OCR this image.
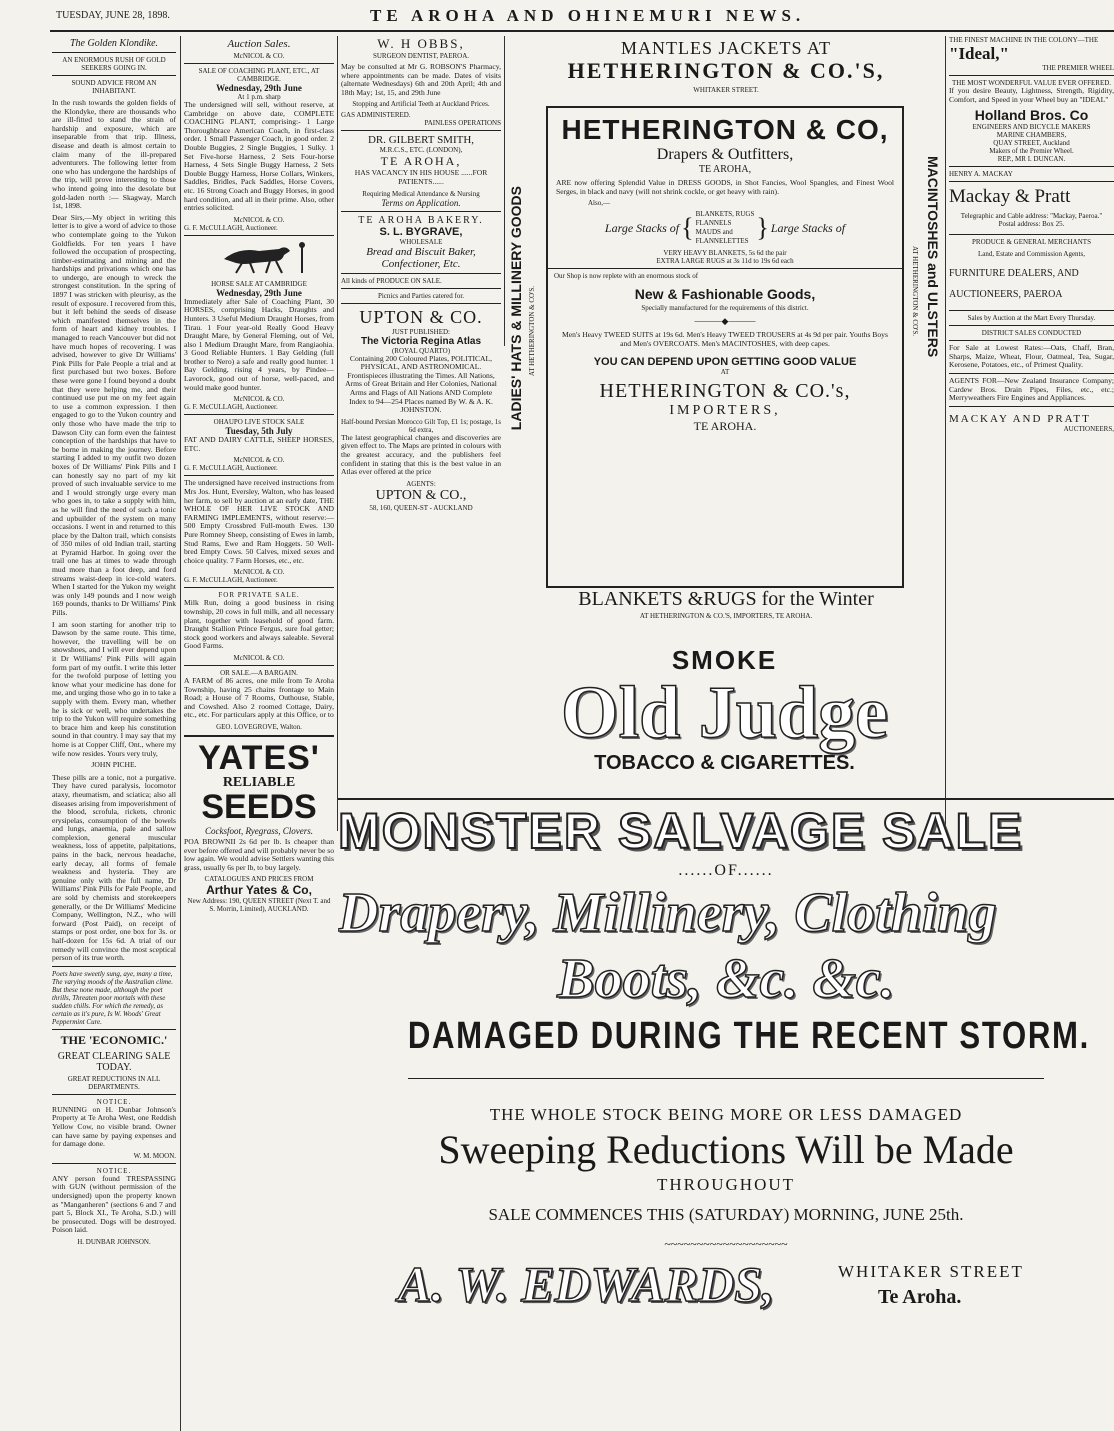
TUESDAY, JUNE 28, 1898.	TE AROHA AND OHINEMURI NEWS.
The Golden Klondike.
AN ENORMOUS RUSH OF GOLD SEEKERS GOING IN.
SOUND ADVICE FROM AN INHABITANT.
In the rush towards the golden fields of the Klondyke, there are thousands who are ill-fitted to stand the strain of hardship and exposure, which are inseparable from that trip. Illness, disease and death is almost certain to claim many of the ill-prepared adventurers. The following letter from one who has undergone the hardships of the trip, will prove interesting to those who intend going into the desolate but gold-laden north :— Skagway, March 1st, 1898.
Dear Sirs,—My object in writing this letter is to give a word of advice to those who contemplate going to the Yukon Goldfields. For ten years I have followed the occupation of prospecting, timber-estimating and mining and the hardships and privations which one has to undergo, are enough to wreck the strongest constitution. In the spring of 1897 I was stricken with pleurisy, as the result of exposure. I recovered from this, but it left behind the seeds of disease which manifested themselves in the form of heart and kidney troubles. I managed to reach Vancouver but did not have much hopes of recovering. I was advised, however to give Dr Williams' Pink Pills for Pale People a trial and at first purchased but two boxes. Before these were gone I found beyond a doubt that they were helping me, and their continued use put me on my feet again to use a common expression. I then engaged to go to the Yukon country and only those who have made the trip to Dawson City can form even the faintest conception of the hardships that have to be borne in making the journey. Before starting I added to my outfit two dozen boxes of Dr Williams' Pink Pills and I can honestly say no part of my kit proved of such invaluable service to me and I would strongly urge every man who goes in, to take a supply with him, as he will find the need of such a tonic and upbuilder of the system on many occasions. I went in and returned to this place by the Dalton trail, which consists of 350 miles of old Indian trail, starting at Pyramid Harbor. In going over the trail one has at times to wade through mud more than a foot deep, and ford streams waist-deep in ice-cold waters. When I started for the Yukon my weight was only 149 pounds and I now weigh 169 pounds, thanks to Dr Williams' Pink Pills.
I am soon starting for another trip to Dawson by the same route. This time, however, the travelling will be on snowshoes, and I will ever depend upon it Dr Williams' Pink Pills will again form part of my outfit. I write this letter for the twofold purpose of letting you know what your medicine has done for me, and urging those who go in to take a supply with them. Every man, whether he is sick or well, who undertakes the trip to the Yukon will require something to brace him and keep his constitution sound in that country. I may say that my home is at Copper Cliff, Ont., where my wife now resides. Yours very truly,
JOHN PICHE.
These pills are a tonic, not a purgative. They have cured paralysis, locomotor ataxy, rheumatism, and sciatica; also all diseases arising from impoverishment of the blood, scrofula, rickets, chronic erysipelas, consumption of the bowels and lungs, anaemia, pale and sallow complexion, general muscular weakness, loss of appetite, palpitations, pains in the back, nervous headache, early decay, all forms of female weakness and hysteria. They are genuine only with the full name, Dr Williams' Pink Pills for Pale People, and are sold by chemists and storekeepers generally, or the Dr Williams' Medicine Company, Wellington, N.Z., who will forward (Post Paid), on receipt of stamps or post order, one box for 3s. or half-dozen for 15s 6d. A trial of our remedy will convince the most sceptical person of its true worth.
Poets have sweetly sung, aye, many a time, The varying moods of the Australian clime. But these none made, although the poet thrills, Threaten poor mortals with these sudden chills. For which the remedy, as certain as it's pure, Is W. Woods' Great Peppermint Cure.
THE 'ECONOMIC.'
GREAT CLEARING SALE TODAY.
GREAT REDUCTIONS IN ALL DEPARTMENTS.
NOTICE.
RUNNING on H. Dunbar Johnson's Property at Te Aroha West, one Reddish Yellow Cow, no visible brand. Owner can have same by paying expenses and for damage done.
W. M. MOON.
NOTICE.
ANY person found TRESPASSING with GUN (without permission of the undersigned) upon the property known as "Manganheren" (sections 6 and 7 and part 5, Block XI., Te Aroha, S.D.) will be prosecuted. Dogs will be destroyed. Poison laid.
H. DUNBAR JOHNSON.
Auction Sales.
McNICOL & CO.
SALE OF COACHING PLANT, ETC., AT CAMBRIDGE.
Wednesday, 29th June
At 1 p.m. sharp
The undersigned will sell, without reserve, at Cambridge on above date, COMPLETE COACHING PLANT, comprising:- 1 Large Thoroughbrace American Coach, in first-class order. 1 Small Passenger Coach, in good order. 2 Double Buggies, 2 Single Buggies, 1 Sulky. 1 Set Five-horse Harness, 2 Sets Four-horse Harness, 4 Sets Single Buggy Harness, 2 Sets Double Buggy Harness, Horse Collars, Winkers, Saddles, Bridles, Pack Saddles, Horse Covers, etc. 16 Strong Coach and Buggy Horses, in good hard condition, and all in their prime. Also, other entries solicited.
McNICOL & CO.
G. F. McCULLAGH, Auctioneer.
HORSE SALE AT CAMBRIDGE
Wednesday, 29th June
Immediately after Sale of Coaching Plant, 30 HORSES, comprising Hacks, Draughts and Hunters. 3 Useful Medium Draught Horses, from Tirau. 1 Four year-old Really Good Heavy Draught Mare, by General Fleming, out of Vel, also 1 Medium Draught Mare, from Rangiaohia. 3 Good Reliable Hunters. 1 Bay Gelding (full brother to Nero) a safe and really good hunter. 1 Bay Gelding, rising 4 years, by Pindee—Lavorock, good out of horse, well-paced, and would make good hunter.
McNICOL & CO.
G. F. McCULLAGH, Auctioneer.
OHAUPO LIVE STOCK SALE
Tuesday, 5th July
FAT AND DAIRY CATTLE, SHEEP HORSES, ETC.
McNICOL & CO.
G. F. McCULLAGH, Auctioneer.
The undersigned have received instructions from Mrs Jos. Hunt, Eversley, Walton, who has leased her farm, to sell by auction at an early date, THE WHOLE OF HER LIVE STOCK AND FARMING IMPLEMENTS, without reserve:— 500 Empty Crossbred Full-mouth Ewes. 130 Pure Romney Sheep, consisting of Ewes in lamb, Stud Rams, Ewe and Ram Hoggets. 50 Well-bred Empty Cows. 50 Calves, mixed sexes and choice quality. 7 Farm Horses, etc., etc.
McNICOL & CO.
G. F. McCULLAGH, Auctioneer.
FOR PRIVATE SALE.
Milk Run, doing a good business in rising township, 20 cows in full milk, and all necessary plant, together with leasehold of good farm. Draught Stallion Prince Fergus, sure foal getter; stock good workers and always saleable. Several Good Farms.
McNICOL & CO.
OR SALE.—A BARGAIN.
A FARM of 86 acres, one mile from Te Aroha Township, having 25 chains frontage to Main Road; a House of 7 Rooms, Outhouse, Stable, and Cowshed. Also 2 roomed Cottage, Dairy, etc., etc. For particulars apply at this Office, or to
GEO. LOVEGROVE, Walton.
YATES'
RELIABLE
SEEDS
Cocksfoot, Ryegrass, Clovers.
POA BROWNII 2s 6d per lb. Is cheaper than ever before offered and will probably never be so low again. We would advise Settlers wanting this grass, usually 6s per lb, to buy largely.
CATALOGUES AND PRICES FROM
Arthur Yates & Co,
New Address: 190, QUEEN STREET (Next T. and S. Morrin, Limited), AUCKLAND.
W. H OBBS,
SURGEON DENTIST, PAEROA.
May be consulted at Mr G. ROBSON'S Pharmacy, where appointments can be made. Dates of visits (alternate Wednesdays) 6th and 20th April; 4th and 18th May; 1st, 15, and 29th June
Stopping and Artificial Teeth at Auckland Prices.
GAS ADMINISTERED.
PAINLESS OPERATIONS
DR. GILBERT SMITH,
M.R.C.S., ETC. (LONDON),
TE AROHA,
HAS VACANCY IN HIS HOUSE ......FOR PATIENTS......
Requiring Medical Attendance & Nursing
Terms on Application.
TE AROHA BAKERY.
S. L. BYGRAVE,
WHOLESALE
Bread and Biscuit Baker, Confectioner, Etc.
All kinds of PRODUCE ON SALE.
Picnics and Parties catered for.
UPTON & CO.
JUST PUBLISHED:
The Victoria Regina Atlas
(ROYAL QUARTO)
Containing 200 Coloured Plates, POLITICAL, PHYSICAL, AND ASTRONOMICAL. Frontispieces illustrating the Times. All Nations, Arms of Great Britain and Her Colonies, National Arms and Flags of All Nations AND Complete Index to 94—254 Places named By W. & A. K. JOHNSTON.
Half-bound Persian Morocco Gilt Top, £1 1s; postage, 1s 6d extra,
The latest geographical changes and discoveries are given effect to. The Maps are printed in colours with the greatest accuracy, and the publishers feel confident in stating that this is the best value in an Atlas ever offered at the price
AGENTS:
UPTON & CO.,
58, 160, QUEEN-ST - AUCKLAND
LADIES' HATS & MILLINERY GOODS AT HETHERINGTON & CO'S.	MACINTOSHES and ULSTERS
AT HETHERINGTON & CO'S.
MANTLES JACKETS AT
HETHERINGTON & CO.'S,
WHITAKER STREET.
HETHERINGTON & CO,
Drapers & Outfitters,
TE AROHA,
ARE now offering Splendid Value in DRESS GOODS, in Shot Fancies, Wool Spangles, and Finest Wool Serges, in black and navy (will not shrink cockle, or get heavy with rain).
Also,—
Large Stacks of { BLANKETS, RUGS
FLANNELS
MAUDS and
FLANNELETTES } Large Stacks of
VERY HEAVY BLANKETS, 5s 6d the pair
EXTRA LARGE RUGS at 3s 11d to 19s 6d each
Our Shop is now replete with an enormous stock of
New & Fashionable Goods,
Specially manufactured for the requirements of this district.
———◆———
Men's Heavy TWEED SUITS at 19s 6d. Men's Heavy TWEED TROUSERS at 4s 9d per pair. Youths Boys and Men's OVERCOATS. Men's MACINTOSHES, with deep capes.
YOU CAN DEPEND UPON GETTING GOOD VALUE
AT
HETHERINGTON & CO.'s,
IMPORTERS,
TE AROHA.
BLANKETS &RUGS for the Winter
AT HETHERINGTON & CO.'S, IMPORTERS, TE AROHA.
SMOKE
Old Judge
TOBACCO & CIGARETTES.
THE FINEST MACHINE IN THE COLONY—THE
"Ideal,"
THE PREMIER WHEEL
THE MOST WONDERFUL VALUE EVER OFFERED.
If you desire Beauty, Lightness, Strength, Rigidity, Comfort, and Speed in your Wheel buy an "IDEAL"
Holland Bros. Co
ENGINEERS AND BICYCLE MAKERS
MARINE CHAMBERS,
QUAY STREET, Auckland
Makers of the Premier Wheel.
REP., MR I. DUNCAN.
HENRY A. MACKAY
Mackay & Pratt
Telegraphic and Cable address: "Mackay, Paeroa."
Postal address: Box 25.
PRODUCE & GENERAL MERCHANTS
Land, Estate and Commission Agents,
FURNITURE DEALERS, AND
AUCTIONEERS, PAEROA
Sales by Auction at the Mart Every Thursday.
DISTRICT SALES CONDUCTED
For Sale at Lowest Rates:—Oats, Chaff, Bran, Sharps, Maize, Wheat, Flour, Oatmeal, Tea, Sugar, Kerosene, Potatoes, etc., of Primest Quality.
AGENTS FOR—New Zealand Insurance Company; Cardew Bros. Drain Pipes, Files, etc., etc.; Merryweathers Fire Engines and Appliances.
MACKAY AND PRATT
AUCTIONEERS,
MONSTER SALVAGE SALE
......OF......
Drapery, Millinery, Clothing
Boots, &c. &c.
DAMAGED DURING THE RECENT STORM.
THE WHOLE STOCK BEING MORE OR LESS DAMAGED
Sweeping Reductions Will be Made
THROUGHOUT
SALE COMMENCES THIS (SATURDAY) MORNING, JUNE 25th.
~~~~~~~~~~~~~~~~~~~
A. W. EDWARDS,	WHITAKER STREET
Te Aroha.
